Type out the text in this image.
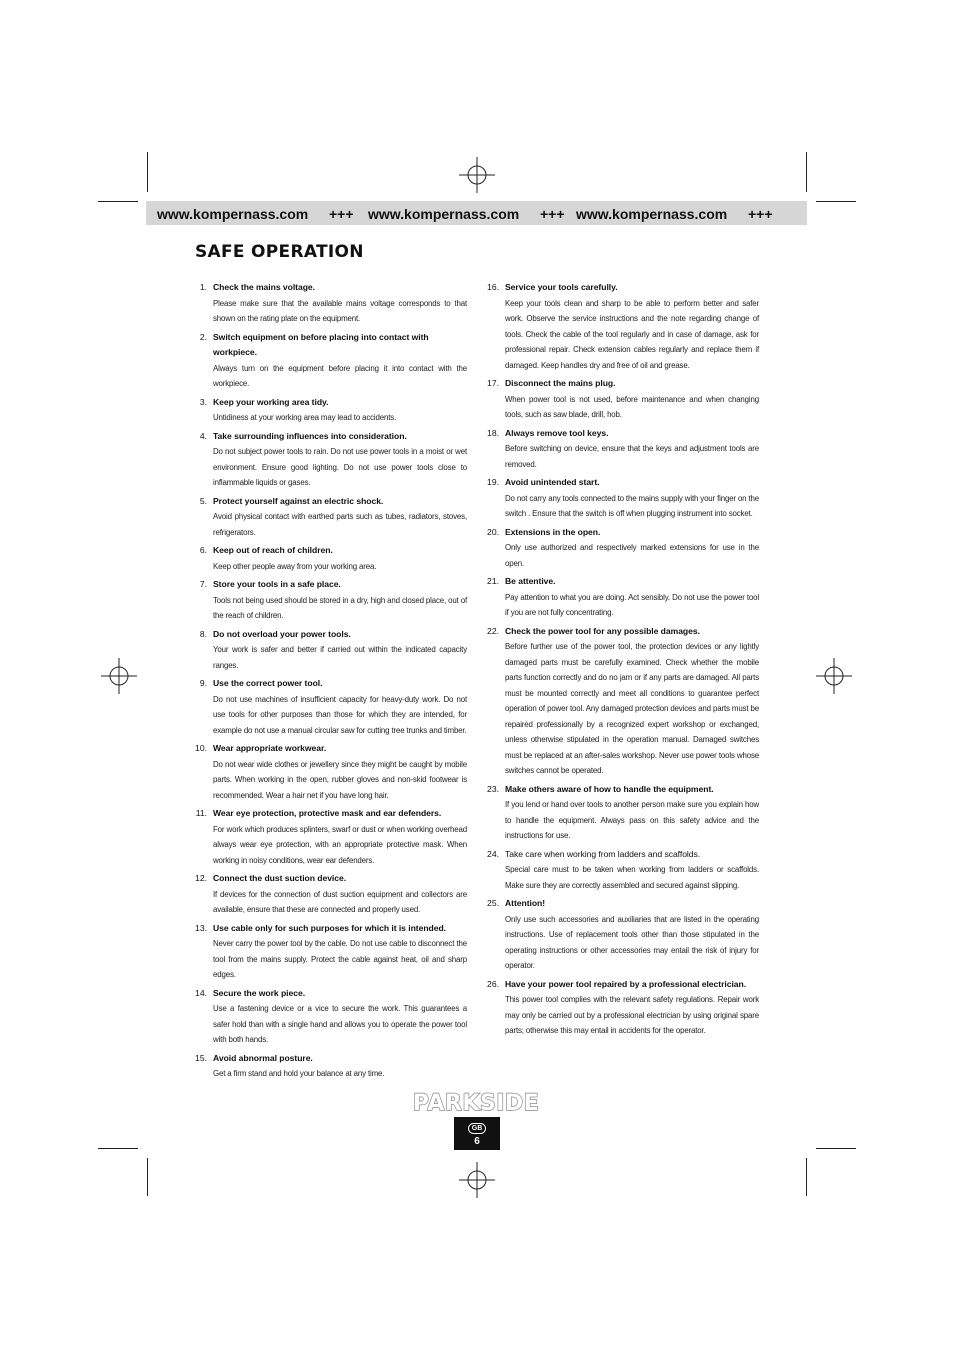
www.kompernass.com +++ www.kompernass.com +++ www.kompernass.com +++
SAFE OPERATION
1. Check the mains voltage.
Please make sure that the available mains voltage corresponds to that shown on the rating plate on the equipment.
2. Switch equipment on before placing into contact with workpiece.
Always turn on the equipment before placing it into contact with the workpiece.
3. Keep your working area tidy.
Untidiness at your working area may lead to accidents.
4. Take surrounding influences into consideration.
Do not subject power tools to rain. Do not use power tools in a moist or wet environment. Ensure good lighting. Do not use power tools close to inflammable liquids or gases.
5. Protect yourself against an electric shock.
Avoid physical contact with earthed parts such as tubes, radiators, stoves, refrigerators.
6. Keep out of reach of children.
Keep other people away from your working area.
7. Store your tools in a safe place.
Tools not being used should be stored in a dry, high and closed place, out of the reach of children.
8. Do not overload your power tools.
Your work is safer and better if carried out within the indicated capacity ranges.
9. Use the correct power tool.
Do not use machines of insufficient capacity for heavy-duty work. Do not use tools for other purposes than those for which they are intended, for example do not use a manual circular saw for cutting tree trunks and timber.
10. Wear appropriate workwear.
Do not wear wide clothes or jewellery since they might be caught by mobile parts. When working in the open, rubber gloves and non-skid footwear is recommended. Wear a hair net if you have long hair.
11. Wear eye protection, protective mask and ear defenders.
For work which produces splinters, swarf or dust or when working overhead always wear eye protection, with an appropriate protective mask. When working in noisy conditions, wear ear defenders.
12. Connect the dust suction device.
If devices for the connection of dust suction equipment and collectors are available, ensure that these are connected and properly used.
13. Use cable only for such purposes for which it is intended.
Never carry the power tool by the cable. Do not use cable to disconnect the tool from the mains supply. Protect the cable against heat, oil and sharp edges.
14. Secure the work piece.
Use a fastening device or a vice to secure the work. This guarantees a safer hold than with a single hand and allows you to operate the power tool with both hands.
15. Avoid abnormal posture.
Get a firm stand and hold your balance at any time.
16. Service your tools carefully.
Keep your tools clean and sharp to be able to perform better and safer work. Observe the service instructions and the note regarding change of tools. Check the cable of the tool regularly and in case of damage, ask for professional repair. Check extension cables regularly and replace them if damaged. Keep handles dry and free of oil and grease.
17. Disconnect the mains plug.
When power tool is not used, before maintenance and when changing tools, such as saw blade, drill, hob.
18. Always remove tool keys.
Before switching on device, ensure that the keys and adjustment tools are removed.
19. Avoid unintended start.
Do not carry any tools connected to the mains supply with your finger on the switch . Ensure that the switch is off when plugging instrument into socket.
20. Extensions in the open.
Only use authorized and respectively marked extensions for use in the open.
21. Be attentive.
Pay attention to what you are doing. Act sensibly. Do not use the power tool if you are not fully concentrating.
22. Check the power tool for any possible damages.
Before further use of the power tool, the protection devices or any lightly damaged parts must be carefully examined. Check whether the mobile parts function correctly and do no jam or if any parts are damaged. All parts must be mounted correctly and meet all conditions to guarantee perfect operation of power tool. Any damaged protection devices and parts must be repaired professionally by a recognized expert workshop or exchanged, unless otherwise stipulated in the operation manual. Damaged switches must be replaced at an after-sales workshop. Never use power tools whose switches cannot be operated.
23. Make others aware of how to handle the equipment.
If you lend or hand over tools to another person make sure you explain how to handle the equipment. Always pass on this safety advice and the instructions for use.
24. Take care when working from ladders and scaffolds.
Special care must to be taken when working from ladders or scaffolds. Make sure they are correctly assembled and secured against slipping.
25. Attention!
Only use such accessories and auxiliaries that are listed in the operating instructions. Use of replacement tools other than those stipulated in the operating instructions or other accessories may entail the risk of injury for operator.
26. Have your power tool repaired by a professional electrician.
This power tool complies with the relevant safety regulations. Repair work may only be carried out by a professional electrician by using original spare parts; otherwise this may entail in accidents for the operator.
PARKSIDE
GB
6
